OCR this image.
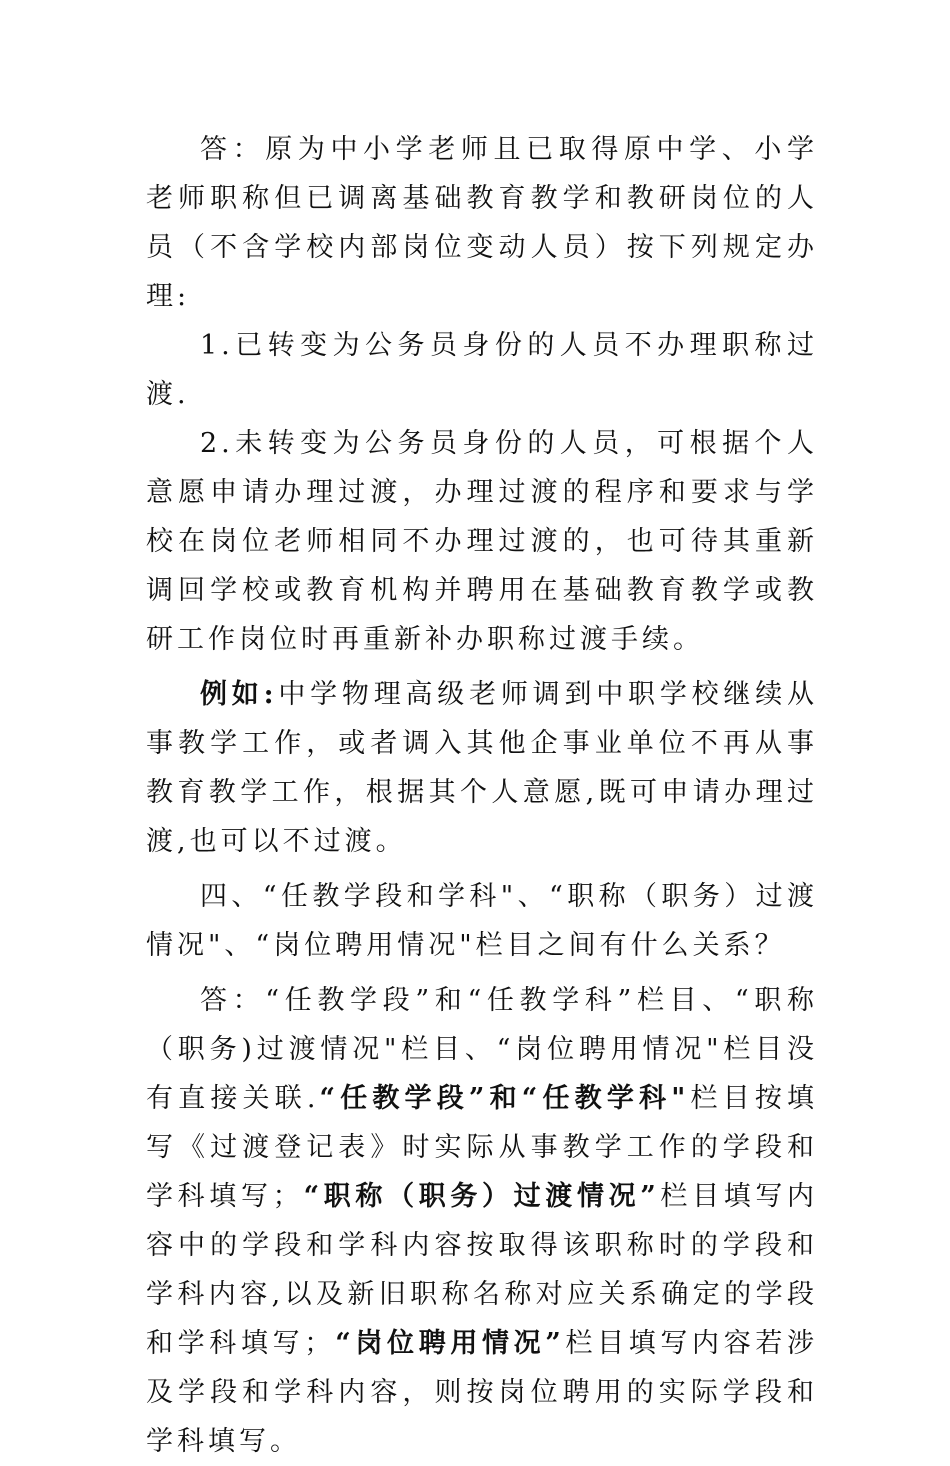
答：原为中小学老师且已取得原中学、小学老师职称但已调离基础教育教学和教研岗位的人员（不含学校内部岗位变动人员）按下列规定办理:

1.已转变为公务员身份的人员不办理职称过渡.

2.未转变为公务员身份的人员，可根据个人意愿申请办理过渡，办理过渡的程序和要求与学校在岗位老师相同不办理过渡的，也可待其重新调回学校或教育机构并聘用在基础教育教学或教研工作岗位时再重新补办职称过渡手续。

例如:中学物理高级老师调到中职学校继续从事教学工作，或者调入其他企事业单位不再从事教育教学工作，根据其个人意愿,既可申请办理过渡,也可以不过渡。

四、“任教学段和学科"、“职称（职务）过渡情况"、“岗位聘用情况"栏目之间有什么关系？

答：“任教学段”和“任教学科”栏目、“职称（职务)过渡情况"栏目、“岗位聘用情况"栏目没有直接关联.“任教学段”和“任教学科"栏目按填写《过渡登记表》时实际从事教学工作的学段和学科填写；“职称（职务）过渡情况”栏目填写内容中的学段和学科内容按取得该职称时的学段和学科内容,以及新旧职称名称对应关系确定的学段和学科填写；“岗位聘用情况”栏目填写内容若涉及学段和学科内容，则按岗位聘用的实际学段和学科填写。
